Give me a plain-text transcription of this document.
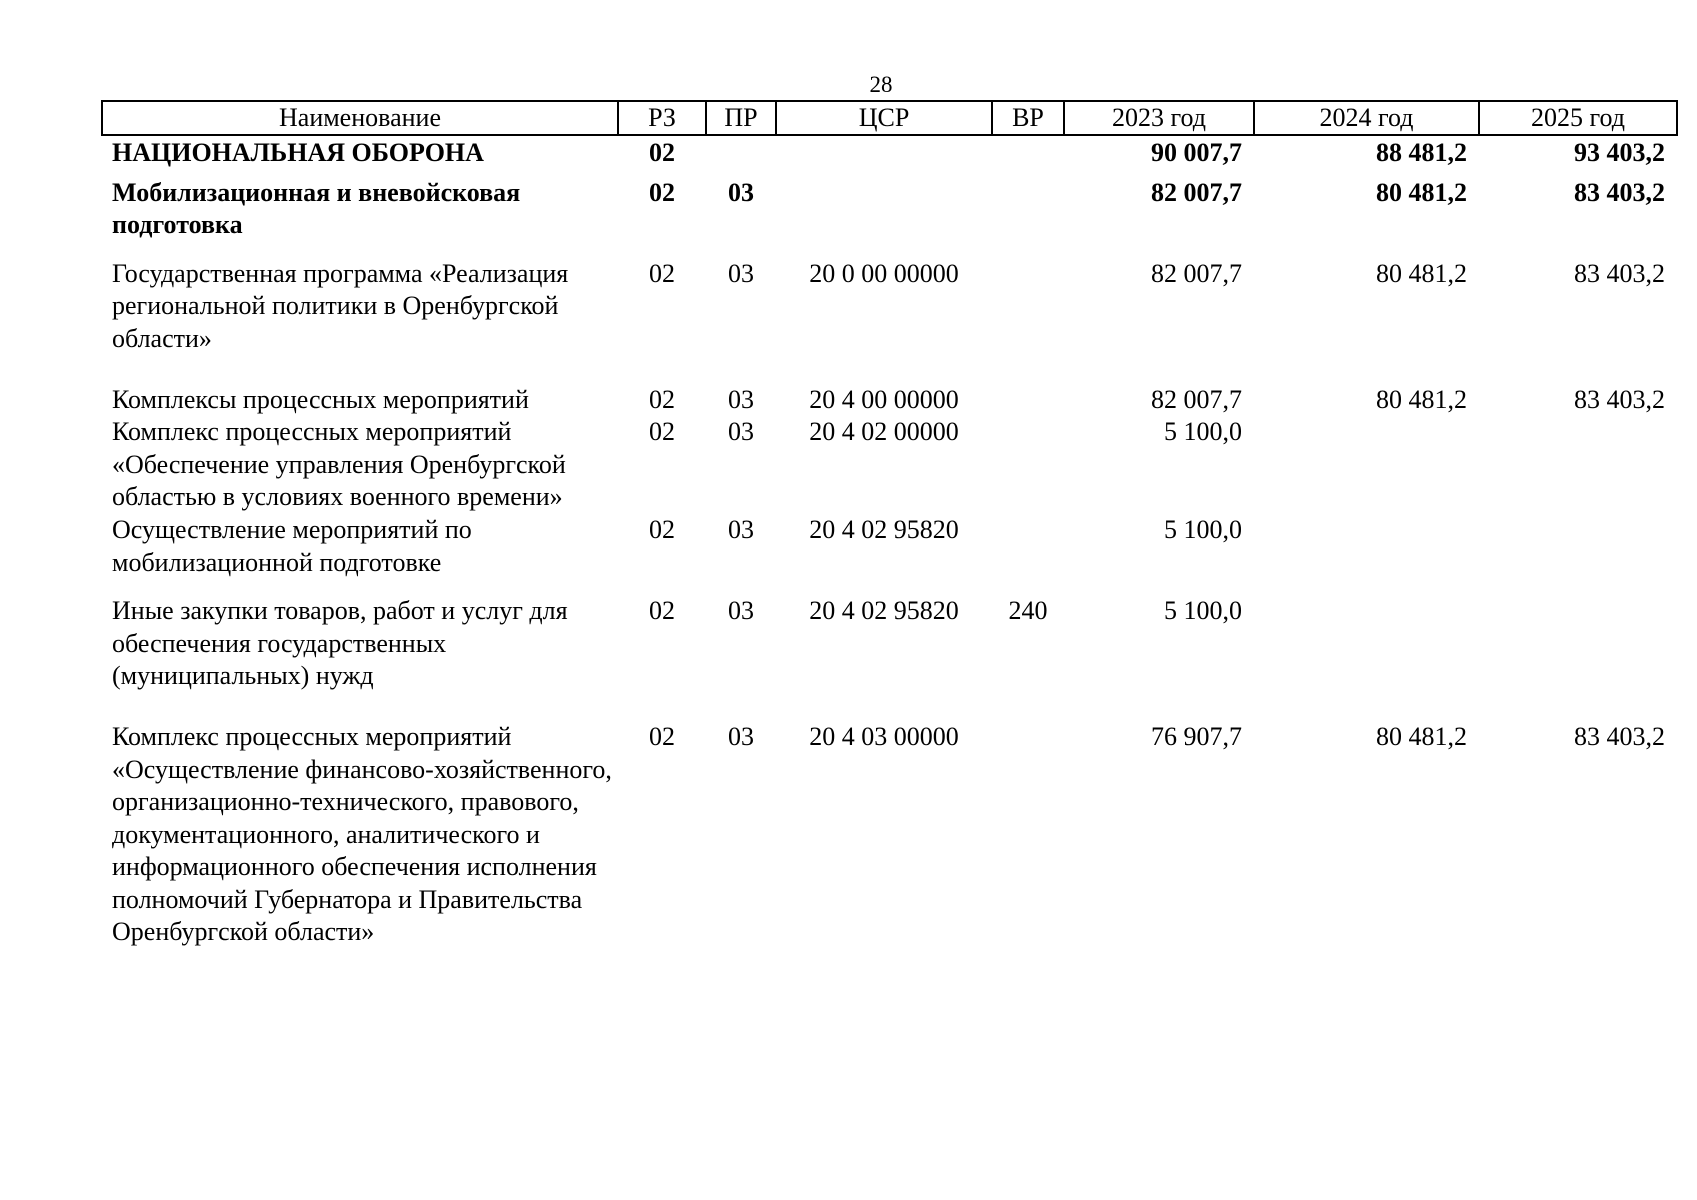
28
Наименование	РЗ	ПР	ЦСР	ВР	2023 год	2024 год	2025 год
НАЦИОНАЛЬНАЯ ОБОРОНА	02				90 007,7	88 481,2	93 403,2
Мобилизационная и вневойсковая подготовка	02	03			82 007,7	80 481,2	83 403,2
Государственная программа «Реализация региональной политики в Оренбургской области»	02	03	20 0 00 00000		82 007,7	80 481,2	83 403,2
Комплексы процессных мероприятий	02	03	20 4 00 00000		82 007,7	80 481,2	83 403,2
Комплекс процессных мероприятий «Обеспечение управления Оренбургской областью в условиях военного времени»	02	03	20 4 02 00000		5 100,0		
Осуществление мероприятий по мобилизационной подготовке	02	03	20 4 02 95820		5 100,0		
Иные закупки товаров, работ и услуг для обеспечения государственных (муниципальных) нужд	02	03	20 4 02 95820	240	5 100,0		
Комплекс процессных мероприятий «Осуществление финансово-хозяйственного, организационно-технического, правового, документационного, аналитического и информационного обеспечения исполнения полномочий Губернатора и Правительства Оренбургской области»	02	03	20 4 03 00000		76 907,7	80 481,2	83 403,2
